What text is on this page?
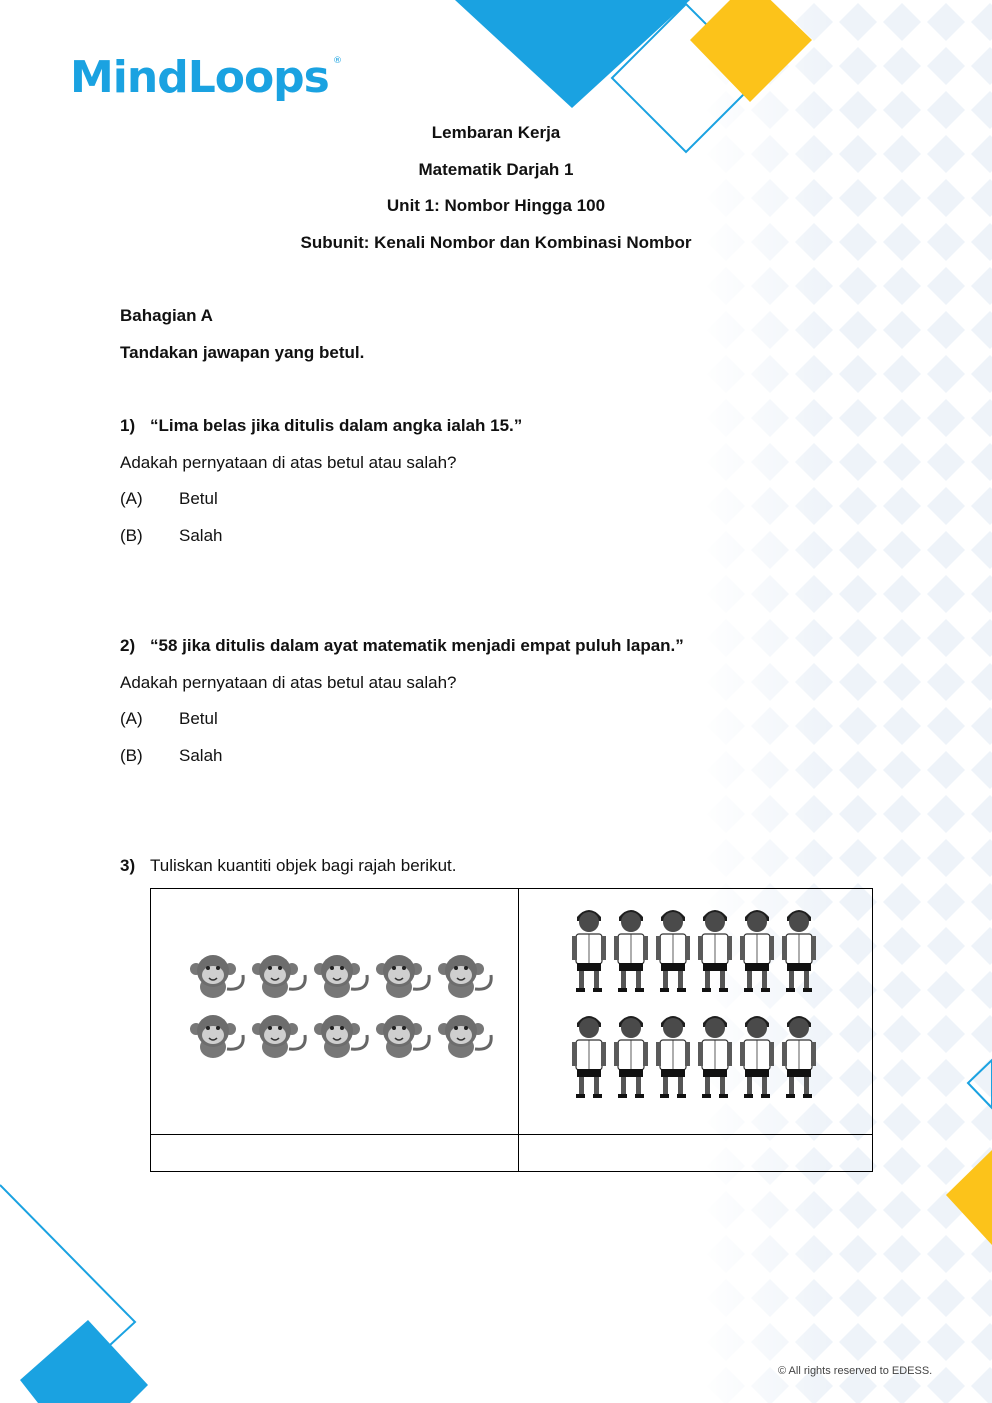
MindLoops ®
Lembaran Kerja
Matematik Darjah 1
Unit 1: Nombor Hingga 100
Subunit: Kenali Nombor dan Kombinasi Nombor
Bahagian A
Tandakan jawapan yang betul.
1) “Lima belas jika ditulis dalam angka ialah 15.”
Adakah pernyataan di atas betul atau salah?
(A) Betul
(B) Salah
2) “58 jika ditulis dalam ayat matematik menjadi empat puluh lapan.”
Adakah pernyataan di atas betul atau salah?
(A) Betul
(B) Salah
3) Tuliskan kuantiti objek bagi rajah berikut.

© All rights reserved to EDESS.
